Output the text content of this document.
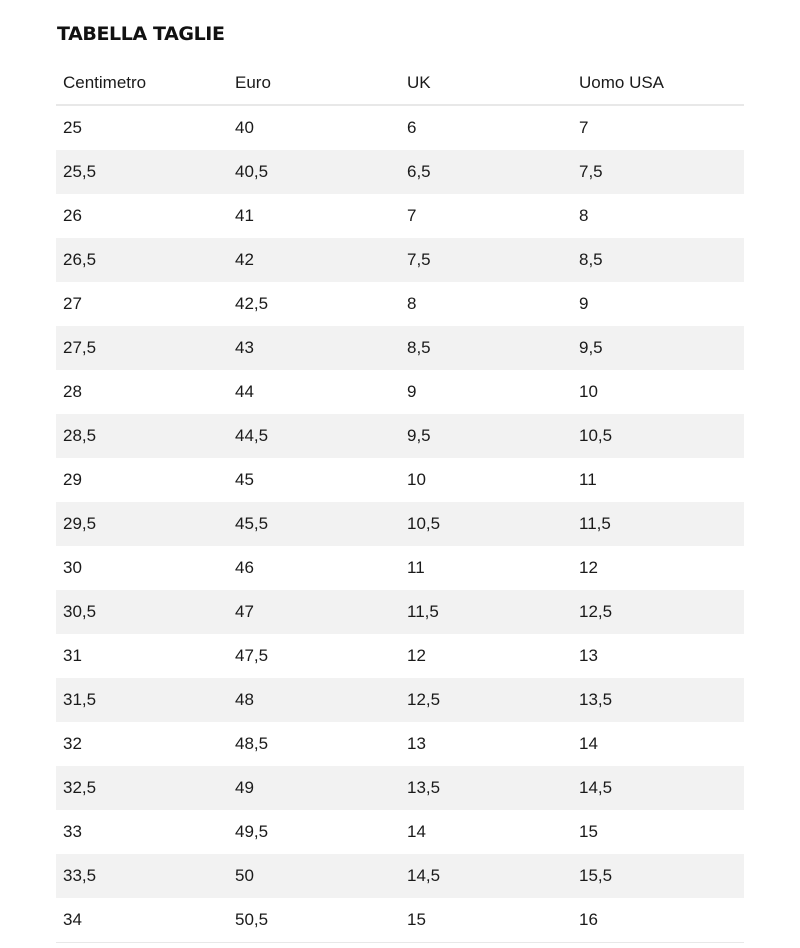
TABELLA TAGLIE
Centimetro	Euro	UK	Uomo USA
25	40	6	7
25,5	40,5	6,5	7,5
26	41	7	8
26,5	42	7,5	8,5
27	42,5	8	9
27,5	43	8,5	9,5
28	44	9	10
28,5	44,5	9,5	10,5
29	45	10	11
29,5	45,5	10,5	11,5
30	46	11	12
30,5	47	11,5	12,5
31	47,5	12	13
31,5	48	12,5	13,5
32	48,5	13	14
32,5	49	13,5	14,5
33	49,5	14	15
33,5	50	14,5	15,5
34	50,5	15	16
